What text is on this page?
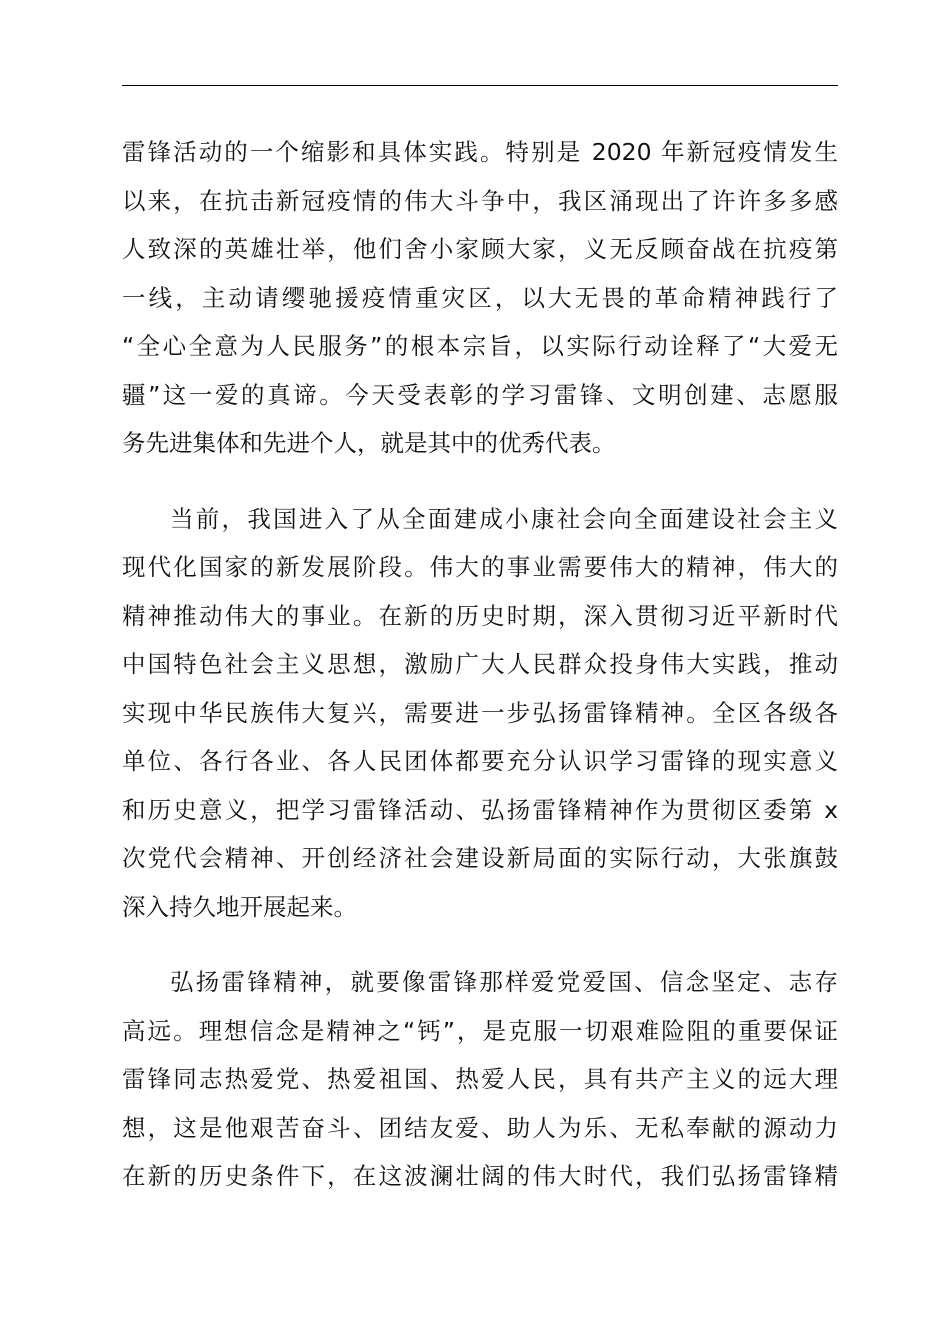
雷锋活动的一个缩影和具体实践。特别是 2020 年新冠疫情发生
以来，在抗击新冠疫情的伟大斗争中，我区涌现出了许许多多感
人致深的英雄壮举，他们舍小家顾大家，义无反顾奋战在抗疫第
一线，主动请缨驰援疫情重灾区，以大无畏的革命精神践行了
“全心全意为人民服务”的根本宗旨，以实际行动诠释了“大爱无
疆”这一爱的真谛。今天受表彰的学习雷锋、文明创建、志愿服
务先进集体和先进个人，就是其中的优秀代表。
当前，我国进入了从全面建成小康社会向全面建设社会主义
现代化国家的新发展阶段。伟大的事业需要伟大的精神，伟大的
精神推动伟大的事业。在新的历史时期，深入贯彻习近平新时代
中国特色社会主义思想，激励广大人民群众投身伟大实践，推动
实现中华民族伟大复兴，需要进一步弘扬雷锋精神。全区各级各
单位、各行各业、各人民团体都要充分认识学习雷锋的现实意义
和历史意义，把学习雷锋活动、弘扬雷锋精神作为贯彻区委第 x
次党代会精神、开创经济社会建设新局面的实际行动，大张旗鼓
深入持久地开展起来。
弘扬雷锋精神，就要像雷锋那样爱党爱国、信念坚定、志存
高远。理想信念是精神之“钙”，是克服一切艰难险阻的重要保证
雷锋同志热爱党、热爱祖国、热爱人民，具有共产主义的远大理
想，这是他艰苦奋斗、团结友爱、助人为乐、无私奉献的源动力
在新的历史条件下，在这波澜壮阔的伟大时代，我们弘扬雷锋精
